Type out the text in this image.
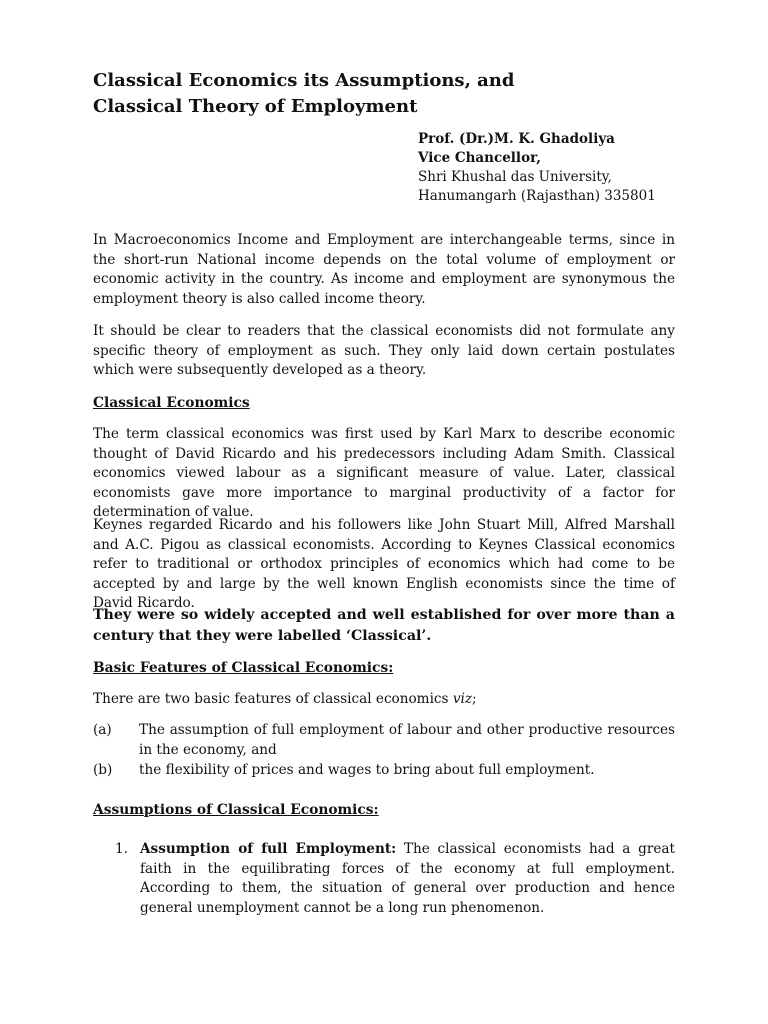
Classical Economics its Assumptions, and
Classical Theory of Employment
Prof. (Dr.)M. K. Ghadoliya
Vice Chancellor,
Shri Khushal das University,
Hanumangarh (Rajasthan) 335801

In Macroeconomics Income and Employment are interchangeable terms, since in the short-run National income depends on the total volume of employment or economic activity in the country. As income and employment are synonymous the employment theory is also called income theory.

It should be clear to readers that the classical economists did not formulate any specific theory of employment as such. They only laid down certain postulates which were subsequently developed as a theory.

Classical Economics

The term classical economics was first used by Karl Marx to describe economic thought of David Ricardo and his predecessors including Adam Smith. Classical economics viewed labour as a significant measure of value. Later, classical economists gave more importance to marginal productivity of a factor for determination of value.

Keynes regarded Ricardo and his followers like John Stuart Mill, Alfred Marshall and A.C. Pigou as classical economists. According to Keynes Classical economics refer to traditional or orthodox principles of economics which had come to be accepted by and large by the well known English economists since the time of David Ricardo.

They were so widely accepted and well established for over more than a century that they were labelled ‘Classical’.

Basic Features of Classical Economics:

There are two basic features of classical economics viz;

(a) The assumption of full employment of labour and other productive resources in the economy, and
(b) the flexibility of prices and wages to bring about full employment.
Assumptions of Classical Economics:
1. Assumption of full Employment: The classical economists had a great faith in the equilibrating forces of the economy at full employment. According to them, the situation of general over production and hence general unemployment cannot be a long run phenomenon.
